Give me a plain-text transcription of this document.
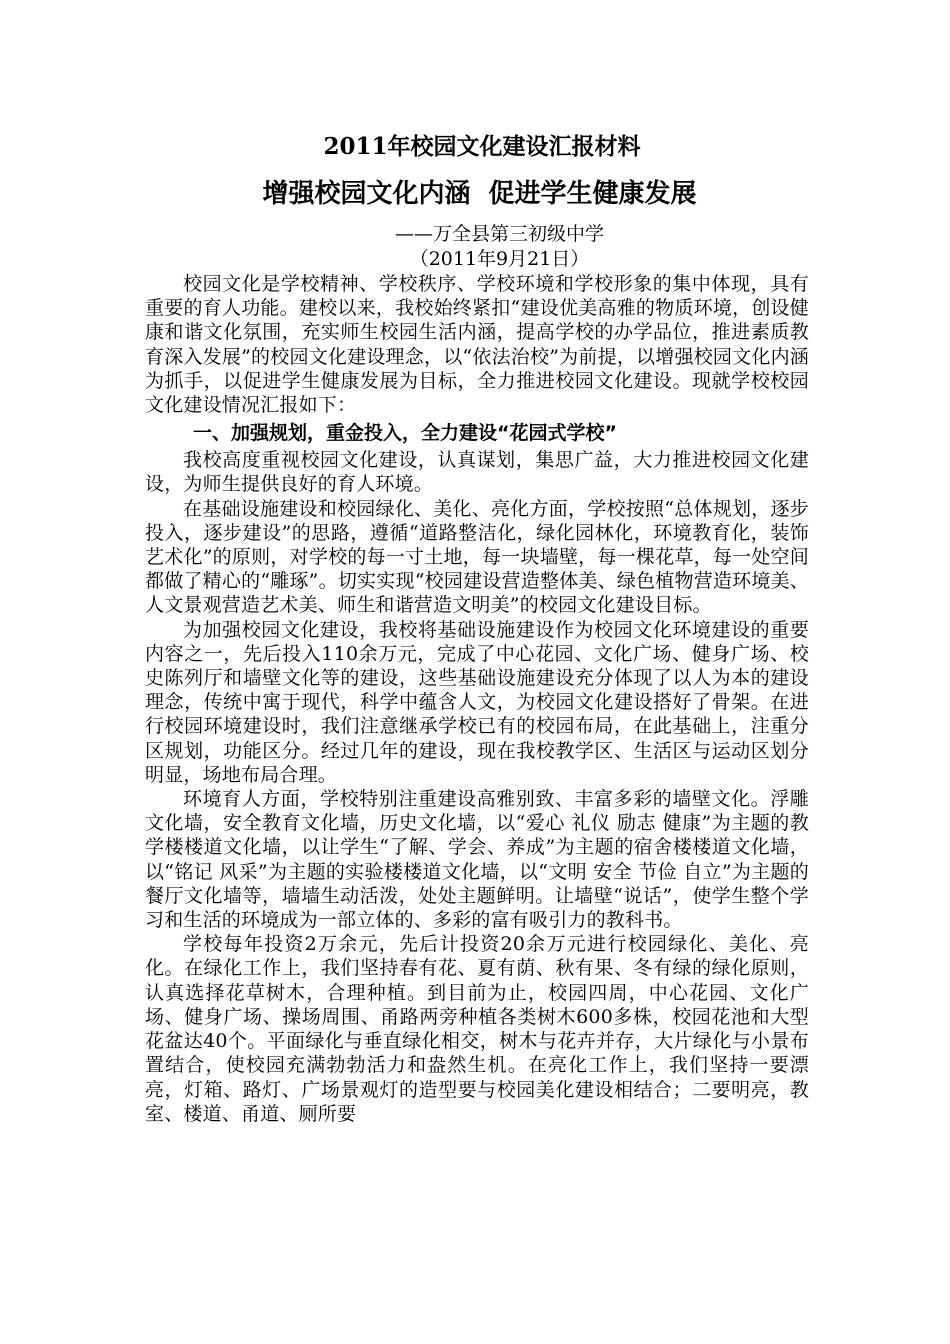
2011年校园文化建设汇报材料
增强校园文化内涵  促进学生健康发展

——万全县第三初级中学

（2011年9月21日）

校园文化是学校精神、学校秩序、学校环境和学校形象的集中体现，具有重要的育人功能。建校以来，我校始终紧扣“建设优美高雅的物质环境，创设健康和谐文化氛围，充实师生校园生活内涵，提高学校的办学品位，推进素质教育深入发展”的校园文化建设理念，以“依法治校”为前提，以增强校园文化内涵为抓手，以促进学生健康发展为目标，全力推进校园文化建设。现就学校校园文化建设情况汇报如下：

一、加强规划，重金投入，全力建设“花园式学校”

我校高度重视校园文化建设，认真谋划，集思广益，大力推进校园文化建设，为师生提供良好的育人环境。

在基础设施建设和校园绿化、美化、亮化方面，学校按照“总体规划，逐步投入，逐步建设”的思路，遵循“道路整洁化，绿化园林化，环境教育化，装饰艺术化”的原则，对学校的每一寸土地，每一块墙壁，每一棵花草，每一处空间都做了精心的“雕琢”。切实实现“校园建设营造整体美、绿色植物营造环境美、人文景观营造艺术美、师生和谐营造文明美”的校园文化建设目标。

为加强校园文化建设，我校将基础设施建设作为校园文化环境建设的重要内容之一，先后投入110余万元，完成了中心花园、文化广场、健身广场、校史陈列厅和墙壁文化等的建设，这些基础设施建设充分体现了以人为本的建设理念，传统中寓于现代，科学中蕴含人文，为校园文化建设搭好了骨架。在进行校园环境建设时，我们注意继承学校已有的校园布局，在此基础上，注重分区规划，功能区分。经过几年的建设，现在我校教学区、生活区与运动区划分明显，场地布局合理。

环境育人方面，学校特别注重建设高雅别致、丰富多彩的墙壁文化。浮雕文化墙，安全教育文化墙，历史文化墙，以“爱心 礼仪 励志 健康”为主题的教学楼楼道文化墙，以让学生“了解、学会、养成”为主题的宿舍楼楼道文化墙，以“铭记 风采”为主题的实验楼楼道文化墙，以“文明 安全 节俭 自立”为主题的餐厅文化墙等，墙墙生动活泼，处处主题鲜明。让墙壁“说话”，使学生整个学习和生活的环境成为一部立体的、多彩的富有吸引力的教科书。

学校每年投资2万余元，先后计投资20余万元进行校园绿化、美化、亮化。在绿化工作上，我们坚持春有花、夏有荫、秋有果、冬有绿的绿化原则，认真选择花草树木，合理种植。到目前为止，校园四周，中心花园、文化广场、健身广场、操场周围、甬路两旁种植各类树木600多株，校园花池和大型花盆达40个。平面绿化与垂直绿化相交，树木与花卉并存，大片绿化与小景布置结合，使校园充满勃勃活力和盎然生机。在亮化工作上，我们坚持一要漂亮，灯箱、路灯、广场景观灯的造型要与校园美化建设相结合；二要明亮，教室、楼道、甬道、厕所要
